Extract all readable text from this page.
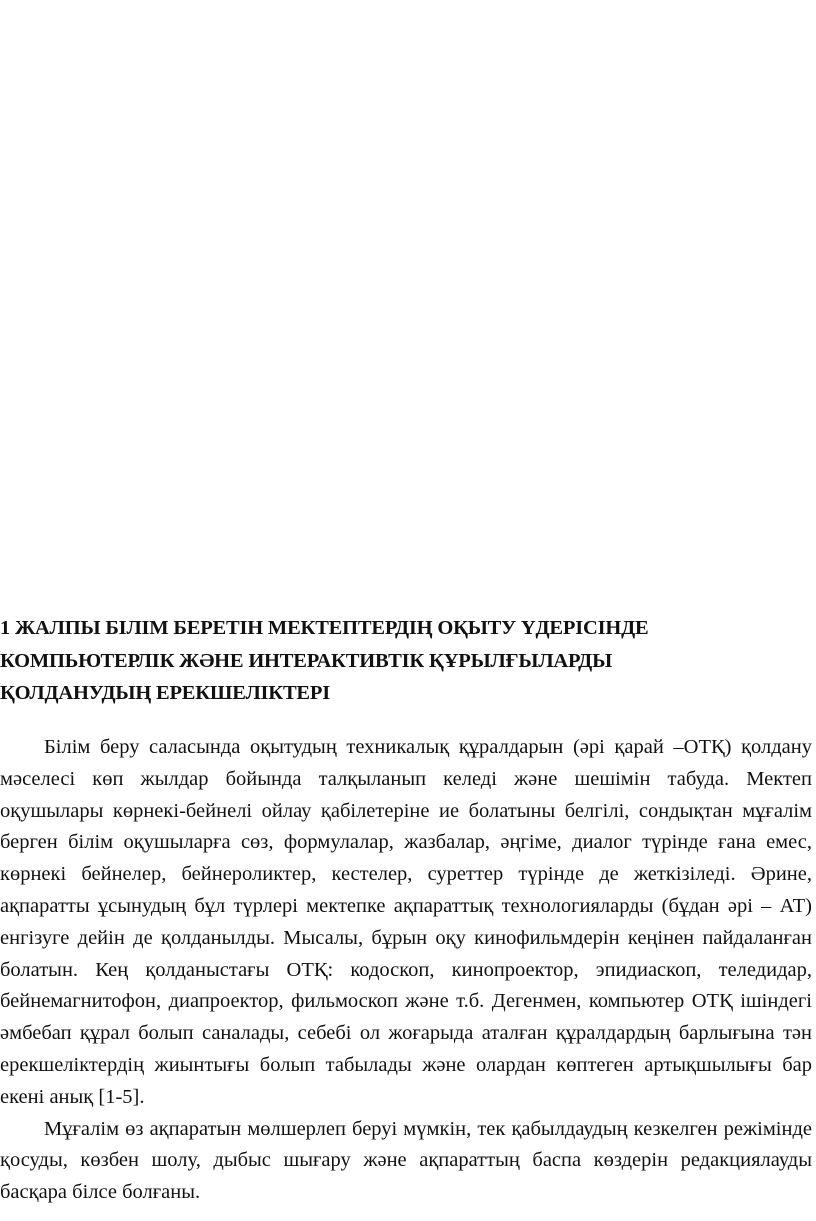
1 ЖАЛПЫ БІЛІМ БЕРЕТІН МЕКТЕПТЕРДІҢ ОҚЫТУ ҮДЕРІСІНДЕ
КОМПЬЮТЕРЛІК ЖӘНЕ ИНТЕРАКТИВТІК ҚҰРЫЛҒЫЛАРДЫ
ҚОЛДАНУДЫҢ ЕРЕКШЕЛІКТЕРІ

Білім беру саласында оқытудың техникалық құралдарын (әрі қарай –ОТҚ) қолдану мәселесі көп жылдар бойында талқыланып келеді және шешімін табуда. Мектеп оқушылары көрнекі-бейнелі ойлау қабілетеріне ие болатыны белгілі, сондықтан мұғалім берген білім оқушыларға сөз, формулалар, жазбалар, әңгіме, диалог түрінде ғана емес, көрнекі бейнелер, бейнероликтер, кестелер, суреттер түрінде де жеткізіледі. Әрине, ақпаратты ұсынудың бұл түрлері мектепке ақпараттық технологияларды (бұдан әрі – АТ) енгізуге дейін де қолданылды. Мысалы, бұрын оқу кинофильмдерін кеңінен пайдаланған болатын. Кең қолданыстағы ОТҚ: кодоскоп, кинопроектор, эпидиаскоп, теледидар, бейнемагнитофон, диапроектор, фильмоскоп және т.б. Дегенмен, компьютер ОТҚ ішіндегі әмбебап құрал болып саналады, себебі ол жоғарыда аталған құралдардың барлығына тән ерекшеліктердің жиынтығы болып табылады және олардан көптеген артықшылығы бар екені анық [1-5].

Мұғалім өз ақпаратын мөлшерлеп беруі мүмкін, тек қабылдаудың кезкелген режімінде қосуды, көзбен шолу, дыбыс шығару және ақпараттың баспа көздерін редакциялауды басқара білсе болғаны.
